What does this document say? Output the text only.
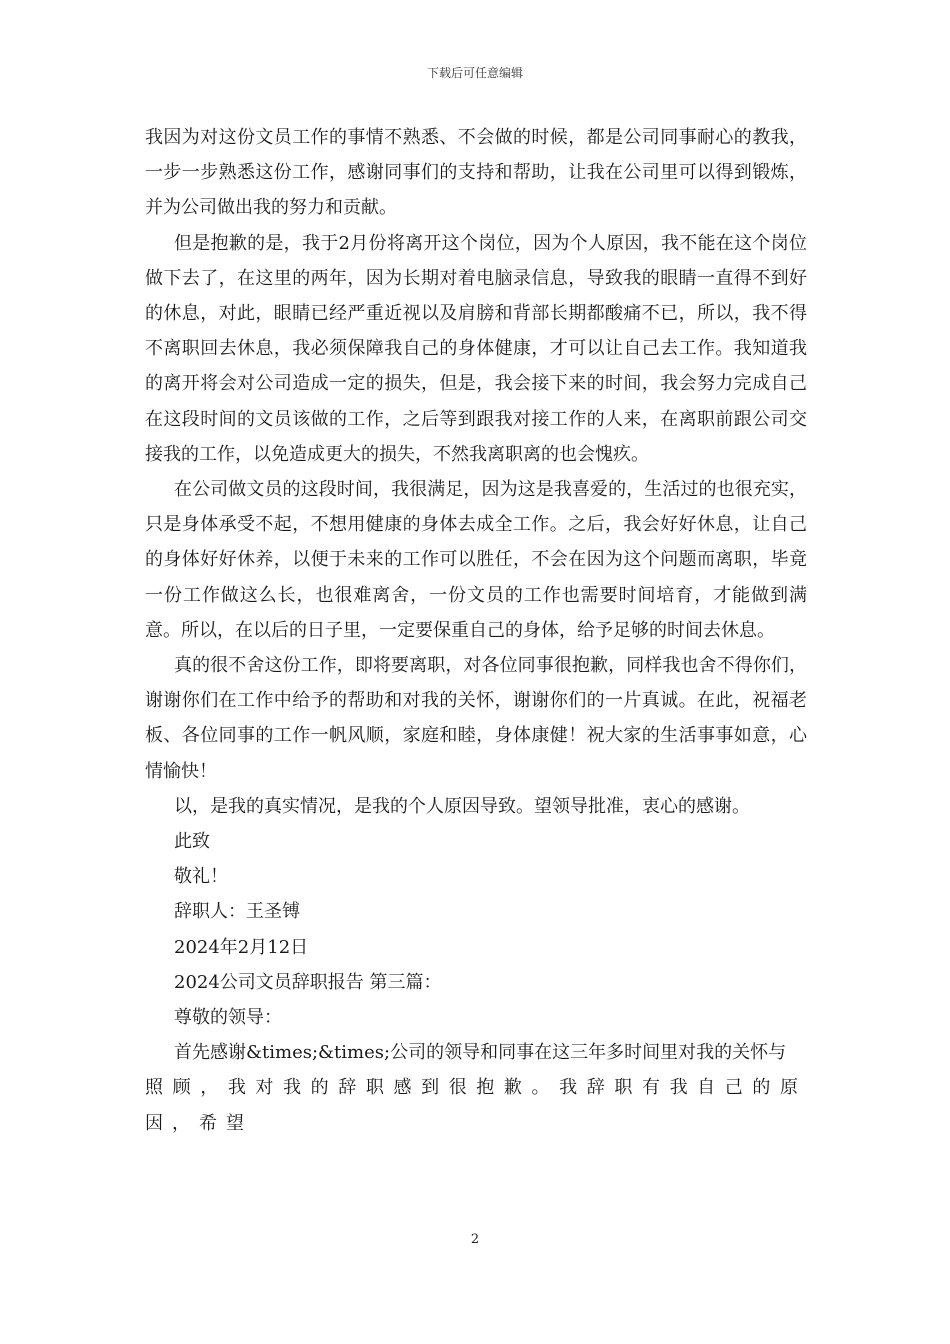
下载后可任意编辑

我因为对这份文员工作的事情不熟悉、不会做的时候，都是公司同事耐心的教我，一步一步熟悉这份工作，感谢同事们的支持和帮助，让我在公司里可以得到锻炼，并为公司做出我的努力和贡献。

但是抱歉的是，我于2月份将离开这个岗位，因为个人原因，我不能在这个岗位做下去了，在这里的两年，因为长期对着电脑录信息，导致我的眼睛一直得不到好的休息，对此，眼睛已经严重近视以及肩膀和背部长期都酸痛不已，所以，我不得不离职回去休息，我必须保障我自己的身体健康，才可以让自己去工作。我知道我的离开将会对公司造成一定的损失，但是，我会接下来的时间，我会努力完成自己在这段时间的文员该做的工作，之后等到跟我对接工作的人来，在离职前跟公司交接我的工作，以免造成更大的损失，不然我离职离的也会愧疚。

在公司做文员的这段时间，我很满足，因为这是我喜爱的，生活过的也很充实，只是身体承受不起，不想用健康的身体去成全工作。之后，我会好好休息，让自己的身体好好休养，以便于未来的工作可以胜任，不会在因为这个问题而离职，毕竟一份工作做这么长，也很难离舍，一份文员的工作也需要时间培育，才能做到满意。所以，在以后的日子里，一定要保重自己的身体，给予足够的时间去休息。

真的很不舍这份工作，即将要离职，对各位同事很抱歉，同样我也舍不得你们，谢谢你们在工作中给予的帮助和对我的关怀，谢谢你们的一片真诚。在此，祝福老板、各位同事的工作一帆风顺，家庭和睦，身体康健！祝大家的生活事事如意，心情愉快！

以，是我的真实情况，是我的个人原因导致。望领导批准，衷心的感谢。

此致

敬礼！

辞职人：王圣镈

2024年2月12日

2024公司文员辞职报告 第三篇：

尊敬的领导：

首先感谢&times;&times;公司的领导和同事在这三年多时间里对我的关怀与

照顾，我对我的辞职感到很抱歉。我辞职有我自己的原因，希望

2
